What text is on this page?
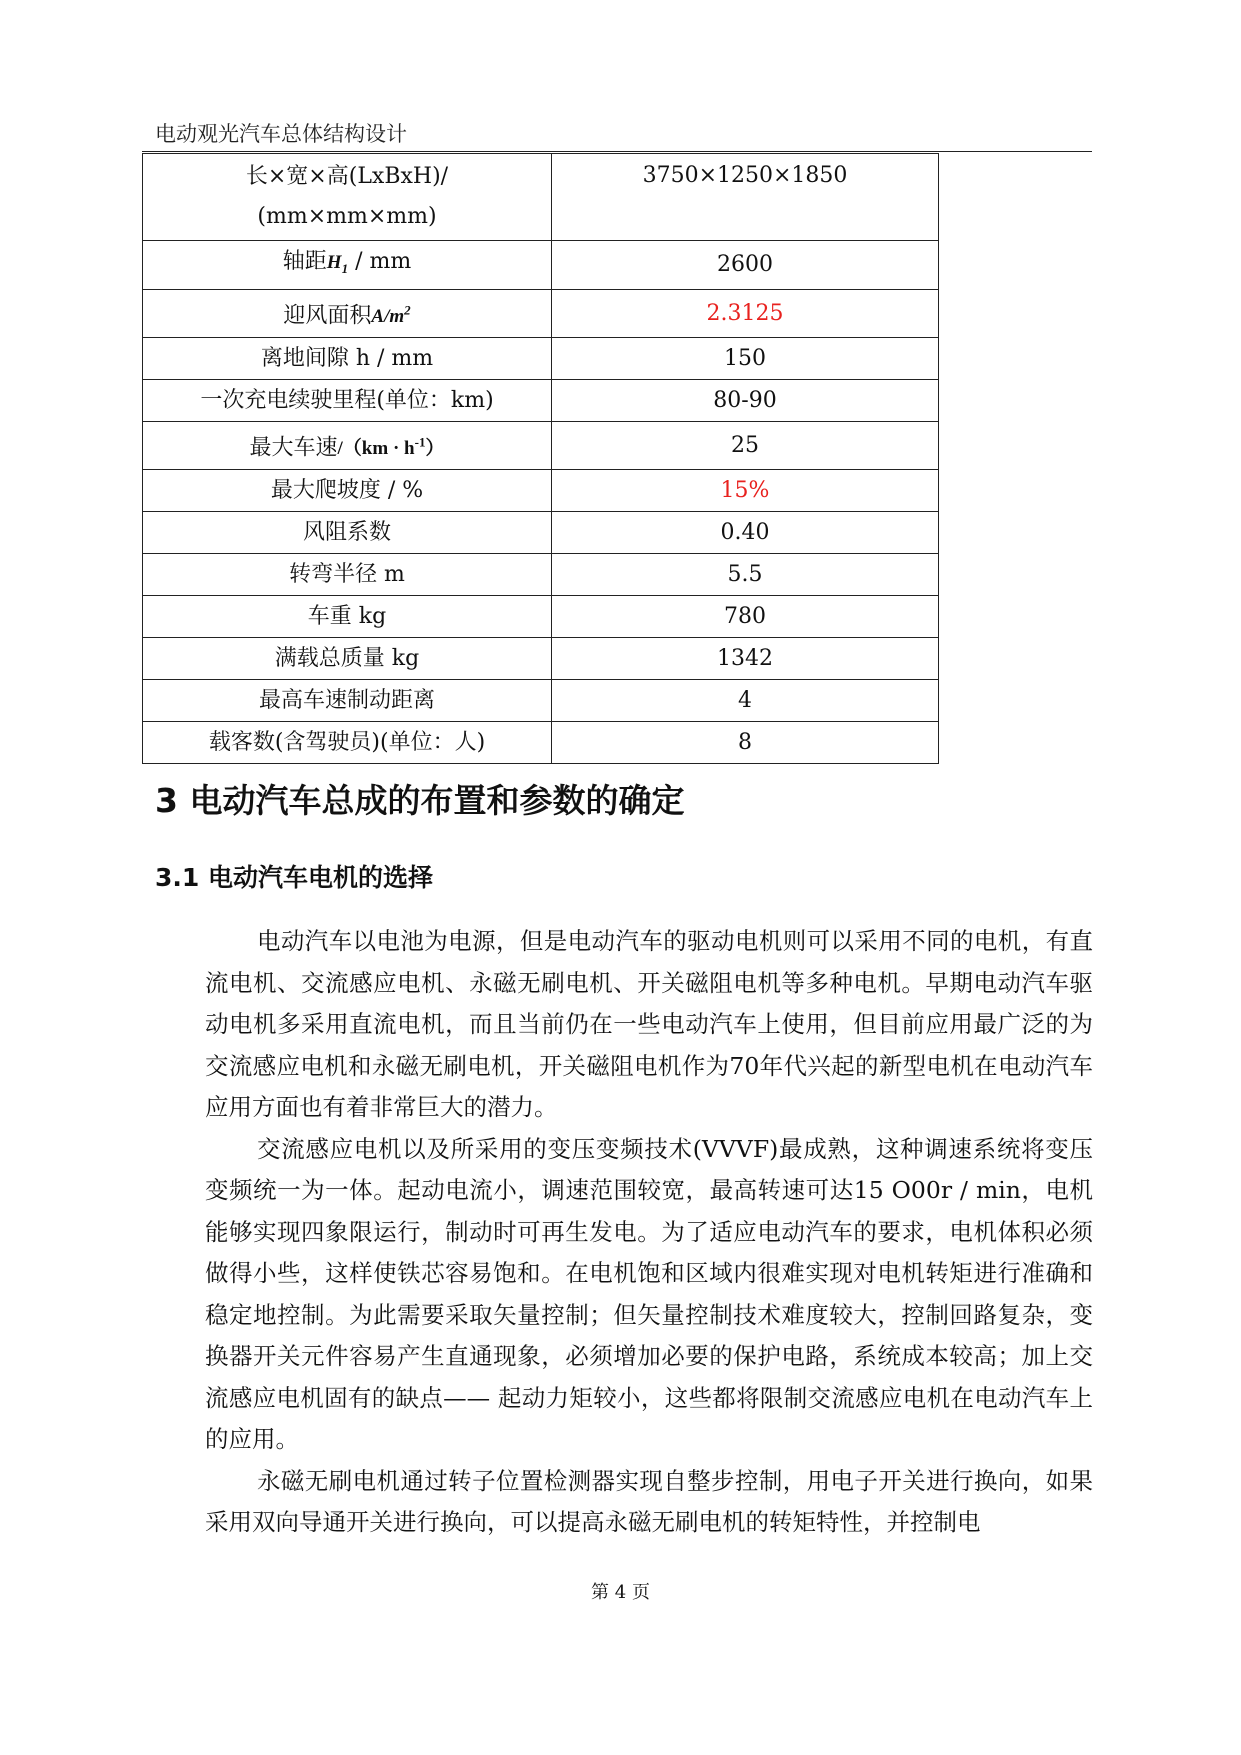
电动观光汽车总体结构设计
长×宽×高(LxBxH)/
(mm×mm×mm)	3750×1250×1850
轴距$H_1$ / mm	2600
迎风面积$A/m^2$	2.3125
离地间隙 h / mm	150
一次充电续驶里程(单位：km)	80-90
最大车速$/(km \cdot h^{-1})$	25
最大爬坡度 / %	15%
风阻系数	0.40
转弯半径 m	5.5
车重 kg	780
满载总质量 kg	1342
最高车速制动距离	4
载客数(含驾驶员)(单位：人)	8
3 电动汽车总成的布置和参数的确定
3.1 电动汽车电机的选择

电动汽车以电池为电源，但是电动汽车的驱动电机则可以采用不同的电机，有直流电机、交流感应电机、永磁无刷电机、开关磁阻电机等多种电机。早期电动汽车驱动电机多采用直流电机，而且当前仍在一些电动汽车上使用，但目前应用最广泛的为交流感应电机和永磁无刷电机，开关磁阻电机作为70年代兴起的新型电机在电动汽车应用方面也有着非常巨大的潜力。

交流感应电机以及所采用的变压变频技术(VVVF)最成熟，这种调速系统将变压变频统一为一体。起动电流小，调速范围较宽，最高转速可达15 O00r / min，电机能够实现四象限运行，制动时可再生发电。为了适应电动汽车的要求，电机体积必须做得小些，这样使铁芯容易饱和。在电机饱和区域内很难实现对电机转矩进行准确和稳定地控制。为此需要采取矢量控制；但矢量控制技术难度较大，控制回路复杂，变换器开关元件容易产生直通现象，必须增加必要的保护电路，系统成本较高；加上交流感应电机固有的缺点—— 起动力矩较小，这些都将限制交流感应电机在电动汽车上的应用。

永磁无刷电机通过转子位置检测器实现自整步控制，用电子开关进行换向，如果采用双向导通开关进行换向，可以提高永磁无刷电机的转矩特性，并控制电

第 4 页
